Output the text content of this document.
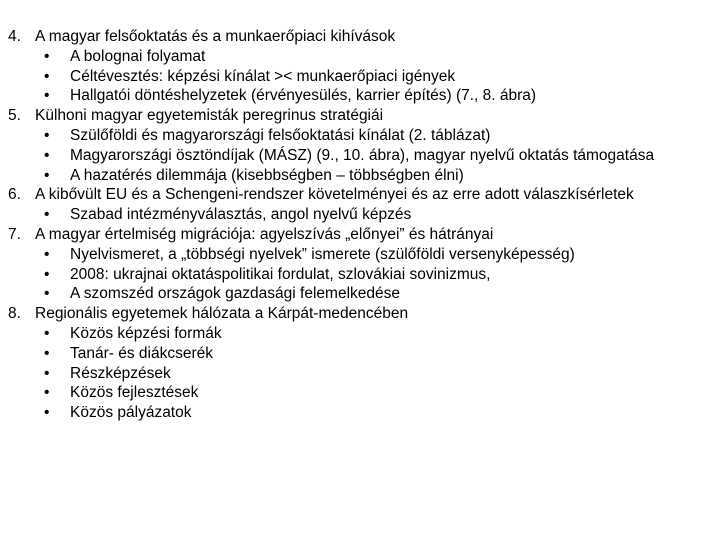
4. A magyar felsőoktatás és a munkaerőpiaci kihívások
• A bolognai folyamat
• Céltévesztés: képzési kínálat >< munkaerőpiaci igények
• Hallgatói döntéshelyzetek (érvényesülés, karrier építés) (7., 8. ábra)
5. Külhoni magyar egyetemisták peregrinus stratégiái
• Szülőföldi és magyarországi felsőoktatási kínálat (2. táblázat)
• Magyarországi ösztöndíjak (MÁSZ) (9., 10. ábra), magyar nyelvű oktatás támogatása
• A hazatérés dilemmája (kisebbségben – többségben élni)
6. A kibővült EU és a Schengeni-rendszer követelményei és az erre adott válaszkísérletek
• Szabad intézményválasztás, angol nyelvű képzés
7. A magyar értelmiség migrációja: agyelszívás „előnyei” és hátrányai
• Nyelvismeret, a „többségi nyelvek” ismerete (szülőföldi versenyképesség)
• 2008: ukrajnai oktatáspolitikai fordulat, szlovákiai sovinizmus,
• A szomszéd országok gazdasági felemelkedése
8. Regionális egyetemek hálózata a Kárpát-medencében
• Közös képzési formák
• Tanár- és diákcserék
• Részképzések
• Közös fejlesztések
• Közös pályázatok
